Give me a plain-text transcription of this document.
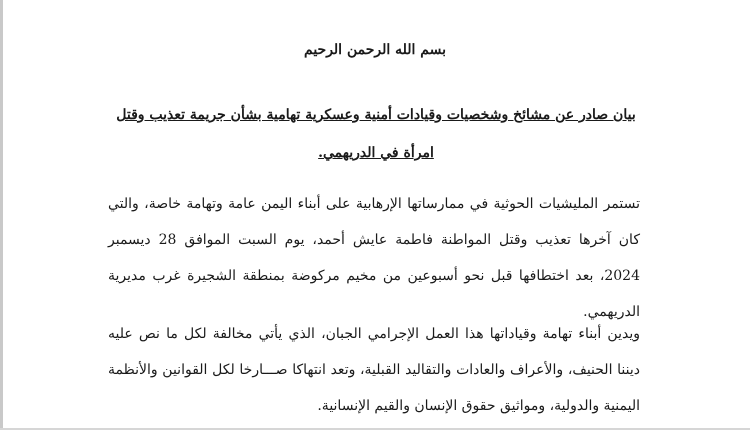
بسم الله الرحمن الرحيم
بيان صادر عن مشائخ وشخصيات وقيادات أمنية وعسكرية تهامية بشأن جريمة تعذيب وقتل امرأة في الدريهمي.

تستمر المليشيات الحوثية في ممارساتها الإرهابية على أبناء اليمن عامة وتهامة خاصة، والتي كان آخرها تعذيب وقتل المواطنة فاطمة عايش أحمد، يوم السبت الموافق 28 ديسمبر 2024، بعد اختطافها قبل نحو أسبوعين من مخيم مركوضة بمنطقة الشجيرة غرب مديرية الدريهمي.

ويدين أبناء تهامة وقياداتها هذا العمل الإجرامي الجبان، الذي يأتي مخالفة لكل ما نص عليه ديننا الحنيف، والأعراف والعادات والتقاليد القبلية، وتعد انتهاكا صـــارخا لكل القوانين والأنظمة اليمنية والدولية، ومواثيق حقوق الإنسان والقيم الإنسانية.
